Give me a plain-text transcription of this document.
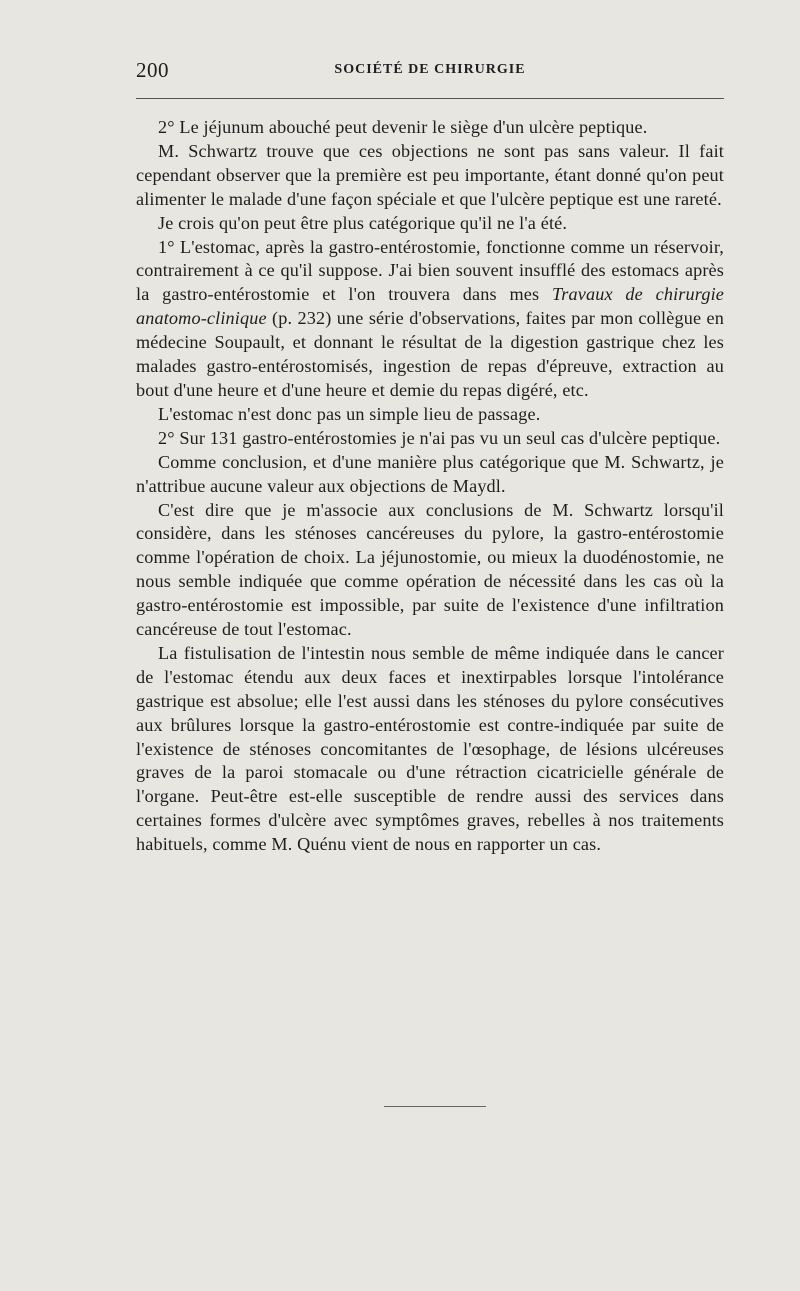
200	SOCIÉTÉ DE CHIRURGIE

2° Le jéjunum abouché peut devenir le siège d'un ulcère peptique.

M. Schwartz trouve que ces objections ne sont pas sans valeur. Il fait cependant observer que la première est peu importante, étant donné qu'on peut alimenter le malade d'une façon spéciale et que l'ulcère peptique est une rareté.

Je crois qu'on peut être plus catégorique qu'il ne l'a été.

1° L'estomac, après la gastro-entérostomie, fonctionne comme un réservoir, contrairement à ce qu'il suppose. J'ai bien souvent insufflé des estomacs après la gastro-entérostomie et l'on trouvera dans mes Travaux de chirurgie anatomo-clinique (p. 232) une série d'observations, faites par mon collègue en médecine Soupault, et donnant le résultat de la digestion gastrique chez les malades gastro-entérostomisés, ingestion de repas d'épreuve, extraction au bout d'une heure et d'une heure et demie du repas digéré, etc.

L'estomac n'est donc pas un simple lieu de passage.

2° Sur 131 gastro-entérostomies je n'ai pas vu un seul cas d'ulcère peptique.

Comme conclusion, et d'une manière plus catégorique que M. Schwartz, je n'attribue aucune valeur aux objections de Maydl.

C'est dire que je m'associe aux conclusions de M. Schwartz lorsqu'il considère, dans les sténoses cancéreuses du pylore, la gastro-entérostomie comme l'opération de choix. La jéjunostomie, ou mieux la duodénostomie, ne nous semble indiquée que comme opération de nécessité dans les cas où la gastro-entérostomie est impossible, par suite de l'existence d'une infiltration cancéreuse de tout l'estomac.

La fistulisation de l'intestin nous semble de même indiquée dans le cancer de l'estomac étendu aux deux faces et inextirpables lorsque l'intolérance gastrique est absolue; elle l'est aussi dans les sténoses du pylore consécutives aux brûlures lorsque la gastro-entérostomie est contre-indiquée par suite de l'existence de sténoses concomitantes de l'œsophage, de lésions ulcéreuses graves de la paroi stomacale ou d'une rétraction cicatricielle générale de l'organe. Peut-être est-elle susceptible de rendre aussi des services dans certaines formes d'ulcère avec symptômes graves, rebelles à nos traitements habituels, comme M. Quénu vient de nous en rapporter un cas.
